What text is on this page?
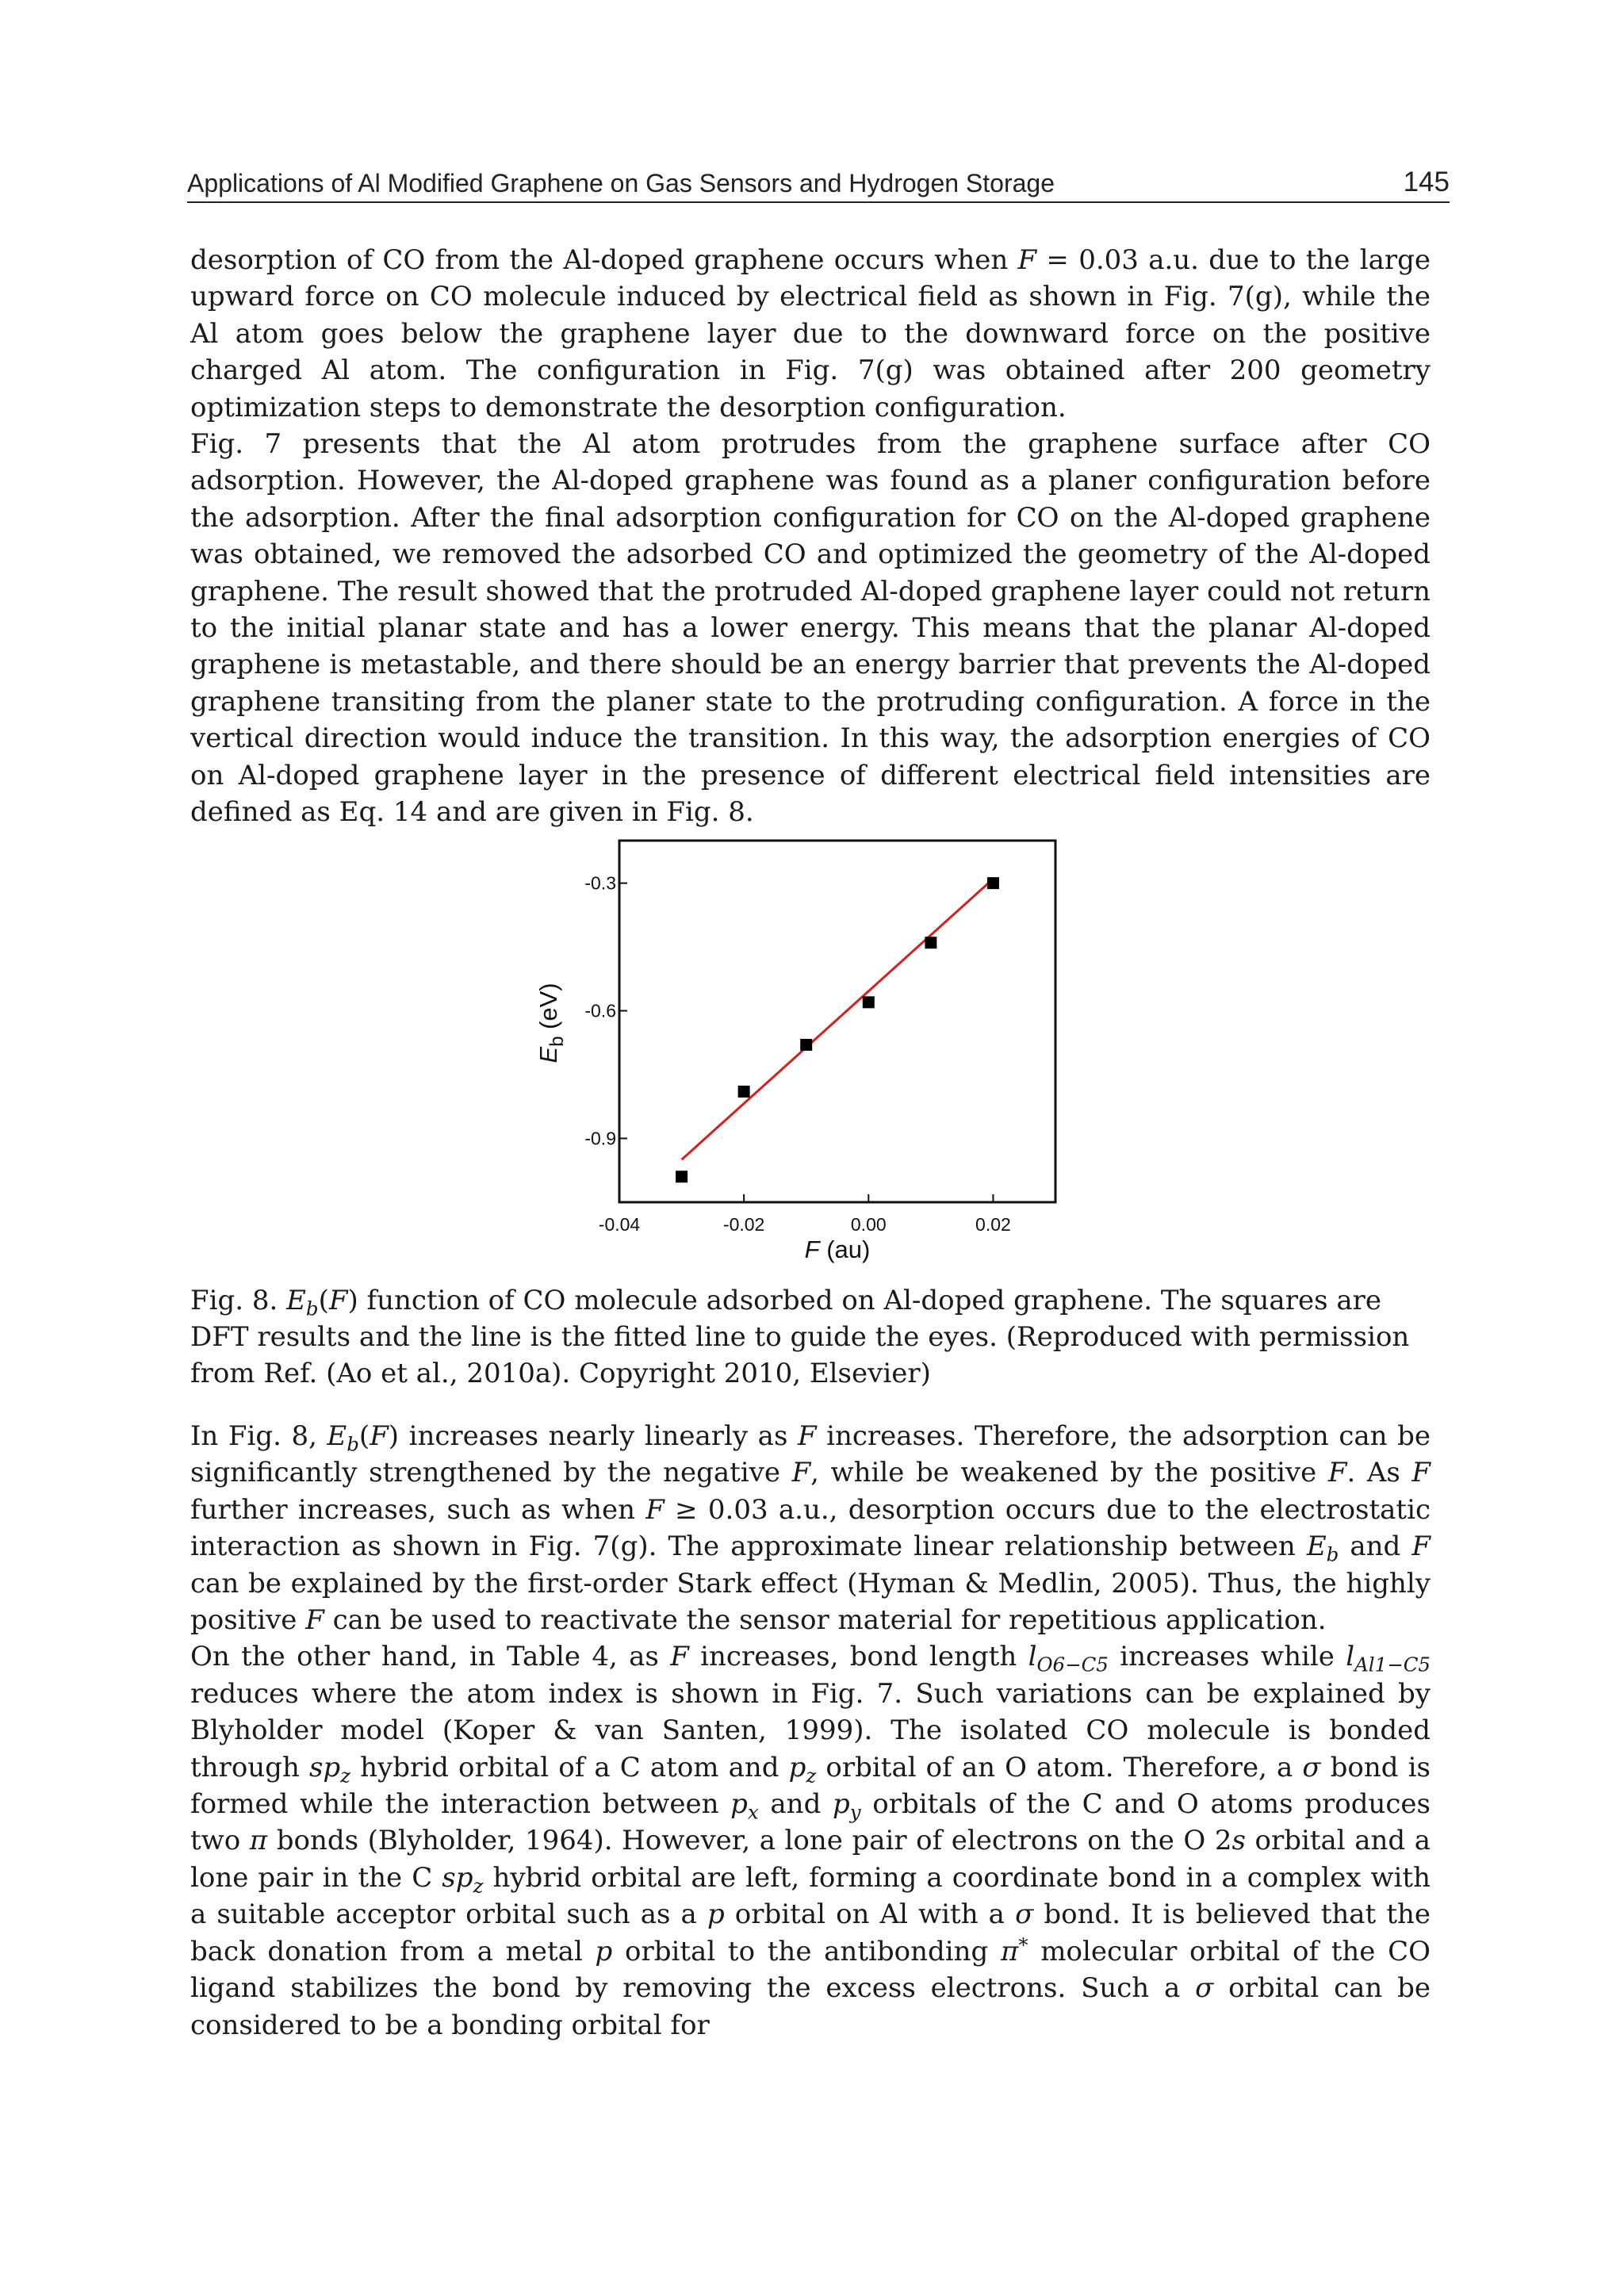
Applications of Al Modified Graphene on Gas Sensors and Hydrogen Storage	145

desorption of CO from the Al-doped graphene occurs when F = 0.03 a.u. due to the large upward force on CO molecule induced by electrical field as shown in Fig. 7(g), while the Al atom goes below the graphene layer due to the downward force on the positive charged Al atom. The configuration in Fig. 7(g) was obtained after 200 geometry optimization steps to demonstrate the desorption configuration.

Fig. 7 presents that the Al atom protrudes from the graphene surface after CO adsorption. However, the Al-doped graphene was found as a planer configuration before the adsorption. After the final adsorption configuration for CO on the Al-doped graphene was obtained, we removed the adsorbed CO and optimized the geometry of the Al-doped graphene. The result showed that the protruded Al-doped graphene layer could not return to the initial planar state and has a lower energy. This means that the planar Al-doped graphene is metastable, and there should be an energy barrier that prevents the Al-doped graphene transiting from the planer state to the protruding configuration. A force in the vertical direction would induce the transition. In this way, the adsorption energies of CO on Al-doped graphene layer in the presence of different electrical field intensities are defined as Eq. 14 and are given in Fig. 8.

-0.04	-0.02	0.00	0.02
-0.9
-0.6
-0.3
F (au)
$E_b$ (eV)

Fig. 8. $E_b(F)$ function of CO molecule adsorbed on Al-doped graphene. The squares are DFT results and the line is the fitted line to guide the eyes. (Reproduced with permission from Ref. (Ao et al., 2010a). Copyright 2010, Elsevier)

In Fig. 8, $E_b(F)$ increases nearly linearly as F increases. Therefore, the adsorption can be significantly strengthened by the negative F, while be weakened by the positive F. As F further increases, such as when F ≥ 0.03 a.u., desorption occurs due to the electrostatic interaction as shown in Fig. 7(g). The approximate linear relationship between $E_b$ and F can be explained by the first-order Stark effect (Hyman & Medlin, 2005). Thus, the highly positive F can be used to reactivate the sensor material for repetitious application.

On the other hand, in Table 4, as F increases, bond length $l_{O6-C5}$ increases while $l_{Al1-C5}$ reduces where the atom index is shown in Fig. 7. Such variations can be explained by Blyholder model (Koper & van Santen, 1999). The isolated CO molecule is bonded through $sp_z$ hybrid orbital of a C atom and $p_z$ orbital of an O atom. Therefore, a σ bond is formed while the interaction between $p_x$ and $p_y$ orbitals of the C and O atoms produces two π bonds (Blyholder, 1964). However, a lone pair of electrons on the O 2s orbital and a lone pair in the C $sp_z$ hybrid orbital are left, forming a coordinate bond in a complex with a suitable acceptor orbital such as a p orbital on Al with a σ bond. It is believed that the back donation from a metal p orbital to the antibonding π* molecular orbital of the CO ligand stabilizes the bond by removing the excess electrons. Such a σ orbital can be considered to be a bonding orbital for
